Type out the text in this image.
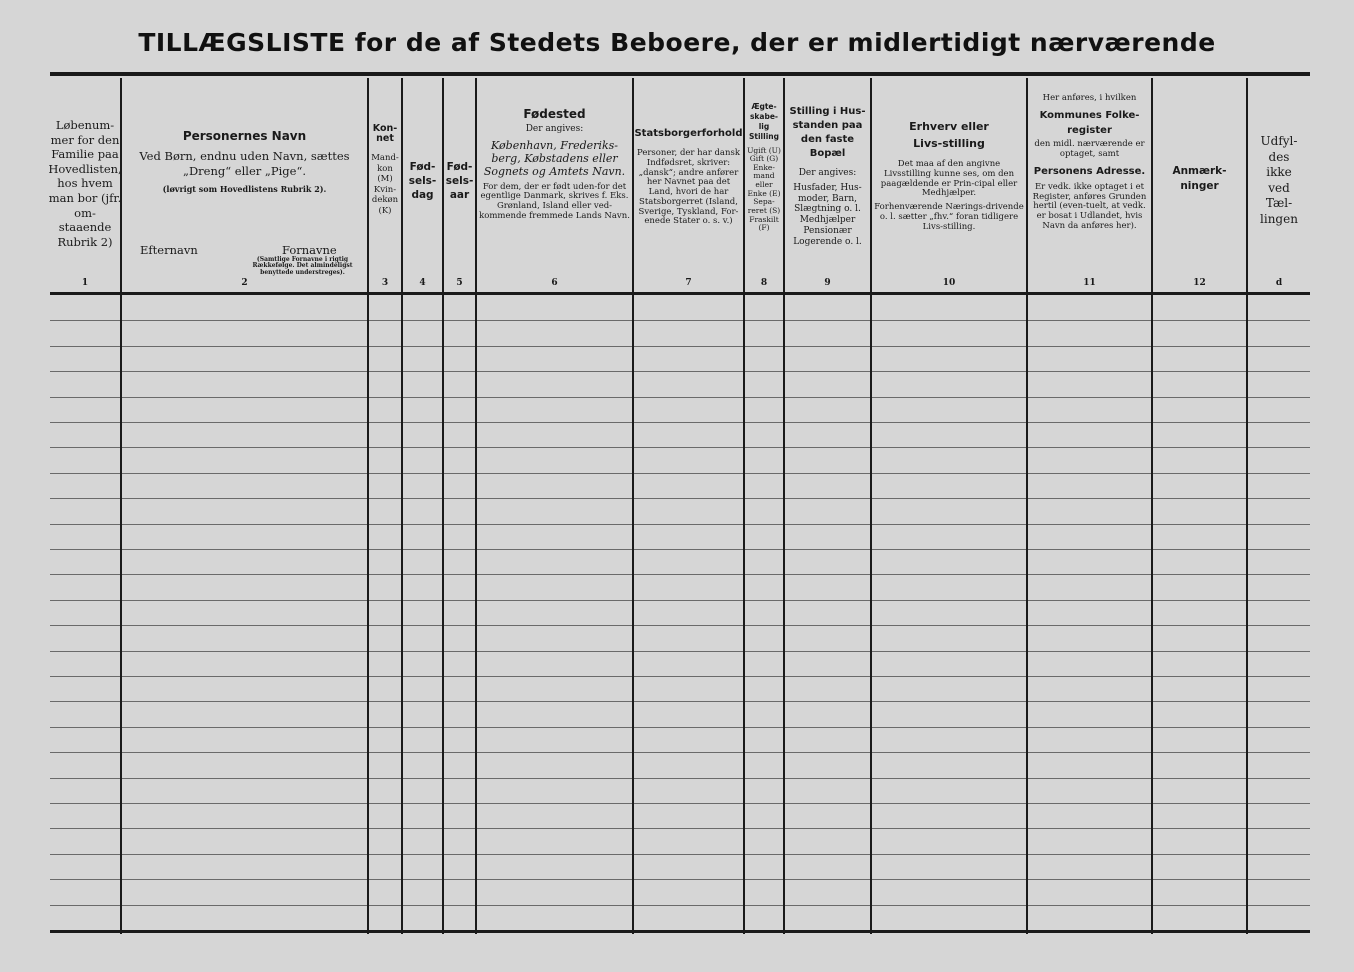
TILLÆGSLISTE for de af Stedets Beboere, der er midlertidigt nærværende
Løbenum-mer for den Familie paa Hovedlisten, hos hvem man bor (jfr. om-staaende Rubrik 2)
1
Personernes Navn
Ved Børn, endnu uden Navn, sættes „Dreng“ eller „Pige“.
(løvrigt som Hovedlistens Rubrik 2).
Efternavn	Fornavne
(Samtlige Fornavne i rigtig Rækkefølge. Det almindeligst benyttede understreges).
2
Kon-net
Mand-kon (M) Kvin-dekøn (K)
3
Fød-sels-dag
4
Fød-sels-aar
5
Fødested
Der angives:
København, Frederiks-berg, Købstadens eller Sognets og Amtets Navn.
For dem, der er født uden-for det egentlige Danmark, skrives f. Eks. Grønland, Island eller ved-kommende fremmede Lands Navn.
6
Statsborgerforhold
Personer, der har dansk Indfødsret, skriver: „dansk“; andre anfører her Navnet paa det Land, hvori de har Statsborgerret (Island, Sverige, Tyskland, For-enede Stater o. s. v.)
7
Ægte-skabe-lig Stilling
Ugift (U) Gift (G) Enke-mand eller Enke (E) Sepa-reret (S) Fraskilt (F)
8
Stilling i Hus-standen paa den faste Bopæl
Der angives:
Husfader, Hus-moder, Barn, Slægtning o. l. Medhjælper Pensionær Logerende o. l.
9
Erhverv eller Livs-stilling
Det maa af den angivne Livsstilling kunne ses, om den paagældende er Prin-cipal eller Medhjælper.
Forhenværende Nærings-drivende o. l. sætter „fhv.“ foran tidligere Livs-stilling.
10
Her anføres, i hvilken
Kommunes Folke-register
den midl. nærværende er optaget, samt
Personens Adresse.
Er vedk. ikke optaget i et Register, anføres Grunden hertil (even-tuelt, at vedk. er bosat i Udlandet, hvis Navn da anføres her).
11
Anmærk-ninger
12
Udfyl-des ikke ved Tæl-lingen
d
